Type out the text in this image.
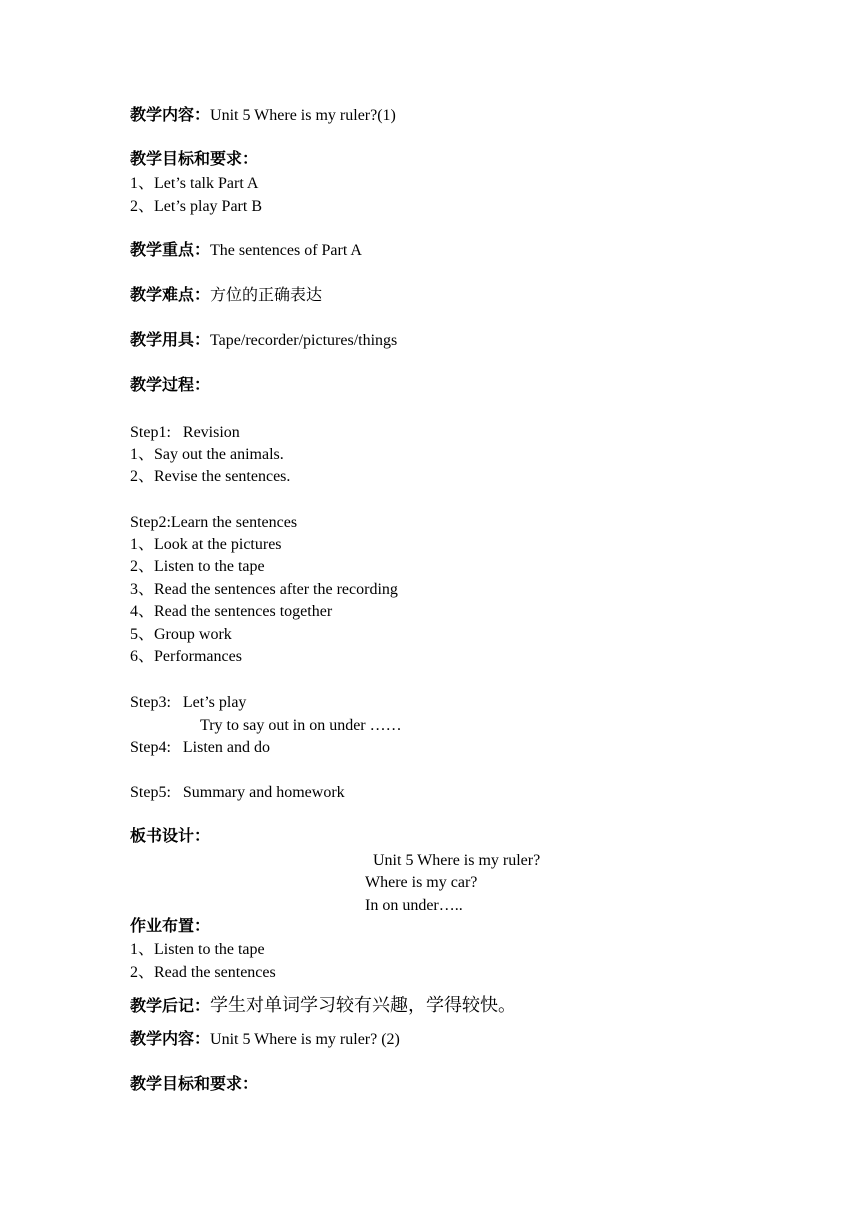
教学内容：Unit 5 Where is my ruler?(1)
教学目标和要求：
1、Let’s talk Part A
2、Let’s play Part B
教学重点：The sentences of Part A
教学难点：方位的正确表达
教学用具：Tape/recorder/pictures/things
教学过程：
Step1:   Revision
1、Say out the animals.
2、Revise the sentences.
Step2:Learn the sentences
1、Look at the pictures
2、Listen to the tape
3、Read the sentences after the recording
4、Read the sentences together
5、Group work
6、Performances
Step3:   Let’s play
Try to say out in on under ……
Step4:   Listen and do
Step5:   Summary and homework
板书设计：
Unit 5 Where is my ruler?
Where is my car?
In on under…..
作业布置：
1、Listen to the tape
2、Read the sentences
教学后记：学生对单词学习较有兴趣，学得较快。
教学内容：Unit 5 Where is my ruler? (2)
教学目标和要求：
